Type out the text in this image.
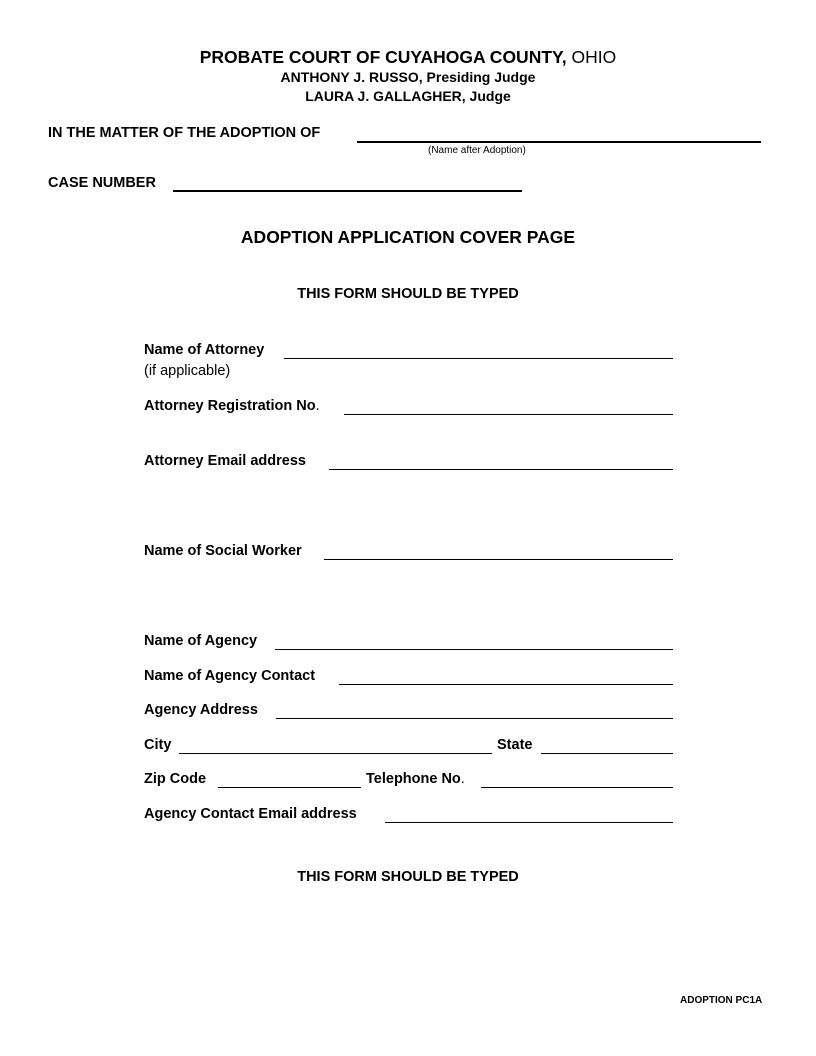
PROBATE COURT OF CUYAHOGA COUNTY, OHIO
ANTHONY J. RUSSO, Presiding Judge
LAURA J. GALLAGHER, Judge
IN THE MATTER OF THE ADOPTION OF
(Name after Adoption)
CASE NUMBER
ADOPTION APPLICATION COVER PAGE
THIS FORM SHOULD BE TYPED
Name of Attorney
(if applicable)
Attorney Registration No.
Attorney Email address
Name of Social Worker
Name of Agency
Name of Agency Contact
Agency Address
City	State
Zip Code	Telephone No.
Agency Contact Email address
THIS FORM SHOULD BE TYPED
ADOPTION PC1A
